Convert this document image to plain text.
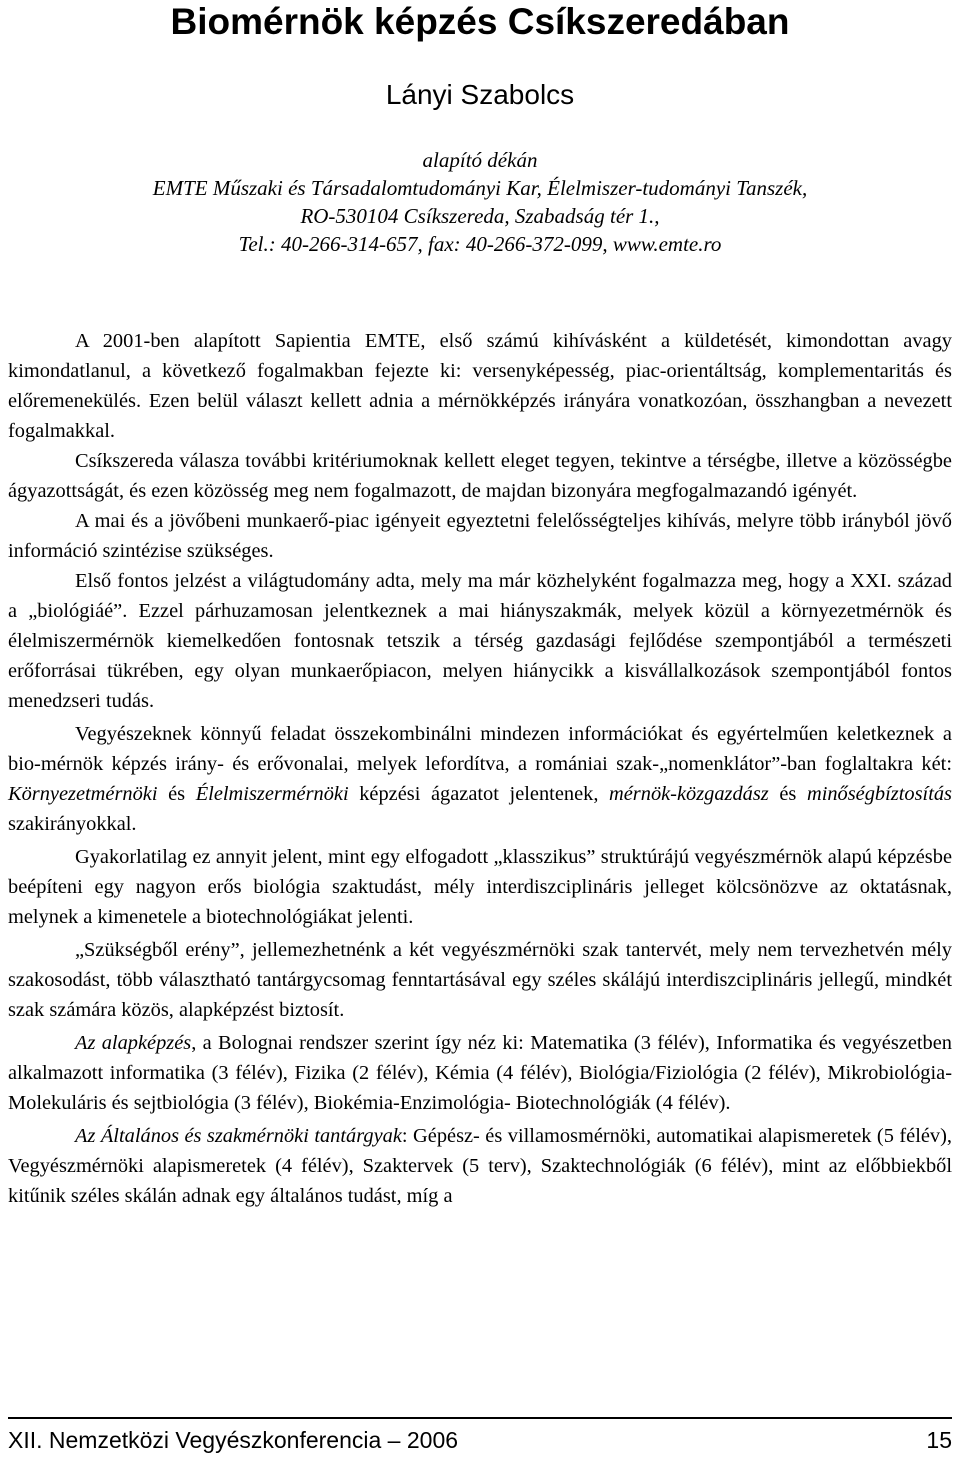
Biomérnök képzés Csíkszeredában
Lányi Szabolcs
alapító dékán
EMTE Műszaki és Társadalomtudományi Kar, Élelmiszer-tudományi Tanszék,
RO-530104 Csíkszereda, Szabadság tér 1.,
Tel.: 40-266-314-657, fax: 40-266-372-099, www.emte.ro

A 2001-ben alapított Sapientia EMTE, első számú kihívásként a küldetését, kimondottan avagy kimondatlanul, a következő fogalmakban fejezte ki: versenyképesség, piac-orientáltság, komplementaritás és előremenekülés. Ezen belül választ kellett adnia a mérnökképzés irányára vonatkozóan, összhangban a nevezett fogalmakkal.

Csíkszereda válasza további kritériumoknak kellett eleget tegyen, tekintve a térségbe, illetve a közösségbe ágyazottságát, és ezen közösség meg nem fogalmazott, de majdan bizonyára megfogalmazandó igényét.

A mai és a jövőbeni munkaerő-piac igényeit egyeztetni felelősségteljes kihívás, melyre több irányból jövő információ szintézise szükséges.

Első fontos jelzést a világtudomány adta, mely ma már közhelyként fogalmazza meg, hogy a XXI. század a „biológiáé”. Ezzel párhuzamosan jelentkeznek a mai hiányszakmák, melyek közül a környezetmérnök és élelmiszermérnök kiemelkedően fontosnak tetszik a térség gazdasági fejlődése szempontjából a természeti erőforrásai tükrében, egy olyan munkaerőpiacon, melyen hiánycikk a kisvállalkozások szempontjából fontos menedzseri tudás.

Vegyészeknek könnyű feladat összekombinálni mindezen információkat és egyértelműen keletkeznek a bio-mérnök képzés irány- és erővonalai, melyek lefordítva, a romániai szak-„nomenklátor”-ban foglaltakra két: Környezetmérnöki és Élelmiszermérnöki képzési ágazatot jelentenek, mérnök-közgazdász és minőségbíztosítás szakirányokkal.

Gyakorlatilag ez annyit jelent, mint egy elfogadott „klasszikus” struktúrájú vegyészmérnök alapú képzésbe beépíteni egy nagyon erős biológia szaktudást, mély interdiszciplináris jelleget kölcsönözve az oktatásnak, melynek a kimenetele a biotechnológiákat jelenti.

„Szükségből erény”, jellemezhetnénk a két vegyészmérnöki szak tantervét, mely nem tervezhetvén mély szakosodást, több választható tantárgycsomag fenntartásával egy széles skálájú interdiszciplináris jellegű, mindkét szak számára közös, alapképzést biztosít.

Az alapképzés, a Bolognai rendszer szerint így néz ki: Matematika (3 félév), Informatika és vegyészetben alkalmazott informatika (3 félév), Fizika (2 félév), Kémia (4 félév), Biológia/Fiziológia (2 félév), Mikrobiológia-Molekuláris és sejtbiológia (3 félév), Biokémia-Enzimológia- Biotechnológiák (4 félév).

Az Általános és szakmérnöki tantárgyak: Gépész- és villamosmérnöki, automatikai alapismeretek (5 félév), Vegyészmérnöki alapismeretek (4 félév), Szaktervek (5 terv), Szaktechnológiák (6 félév), mint az előbbiekből kitűnik széles skálán adnak egy általános tudást, míg a

XII. Nemzetközi Vegyészkonferencia – 2006	15
